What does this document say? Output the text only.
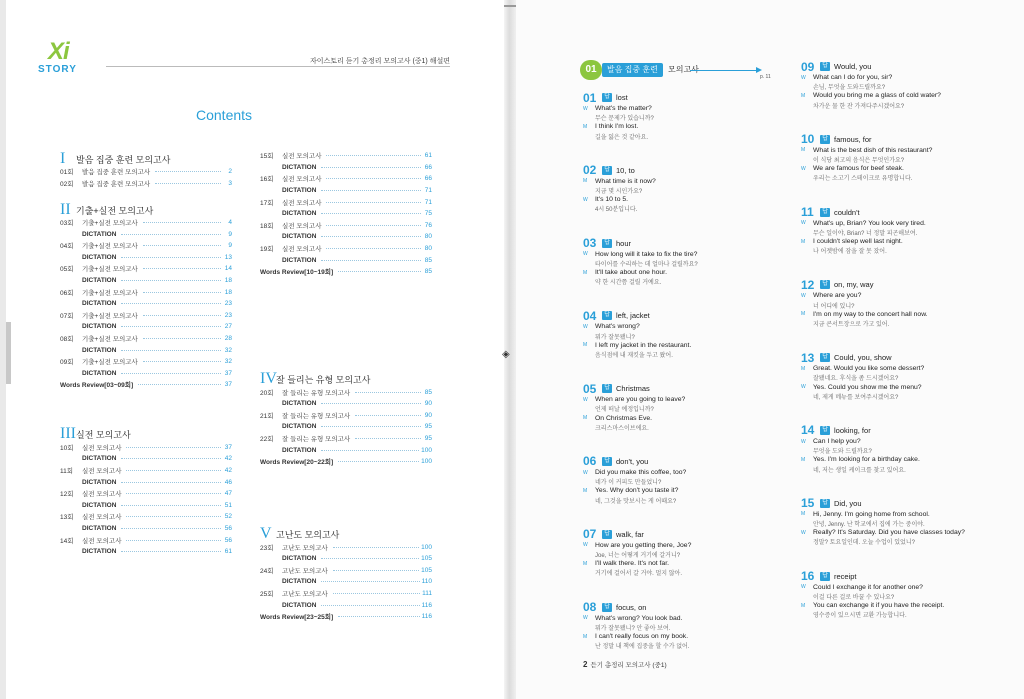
Xi
STORY
자이스토리 듣기 총정리 모의고사 (중1) 해설편
Contents
I	발음 집중 훈련 모의고사
01회	발음 집중 훈련 모의고사	2
02회	발음 집중 훈련 모의고사	3
II 기출+실전 모의고사
03회	기출+실전 모의고사	4
DICTATION	9
04회	기출+실전 모의고사	9
DICTATION	13
05회	기출+실전 모의고사	14
DICTATION	18
06회	기출+실전 모의고사	18
DICTATION	23
07회	기출+실전 모의고사	23
DICTATION	27
08회	기출+실전 모의고사	28
DICTATION	32
09회	기출+실전 모의고사	32
DICTATION	37
Words Review[03~09회]	37
III 실전 모의고사
10회	실전 모의고사	37
DICTATION	42
11회	실전 모의고사	42
DICTATION	46
12회	실전 모의고사	47
DICTATION	51
13회	실전 모의고사	52
DICTATION	56
14회	실전 모의고사	56
DICTATION	61
15회	실전 모의고사	61
DICTATION	66
16회	실전 모의고사	66
DICTATION	71
17회	실전 모의고사	71
DICTATION	75
18회	실전 모의고사	76
DICTATION	80
19회	실전 모의고사	80
DICTATION	85
Words Review[10~19회]	85
IV 잘 들리는 유형 모의고사
20회	잘 들리는 유형 모의고사	85
DICTATION	90
21회	잘 들리는 유형 모의고사	90
DICTATION	95
22회	잘 들리는 유형 모의고사	95
DICTATION	100
Words Review[20~22회]	100
V 고난도 모의고사
23회	고난도 모의고사	100
DICTATION	105
24회	고난도 모의고사	105
DICTATION	110
25회	고난도 모의고사	111
DICTATION	116
Words Review[23~25회]	116
◈
01	발음 집중 훈련	모의고사
p. 11
01	답 lost
W	What's the matter?
무슨 문제가 있습니까?
M	I think I'm lost.
길을 잃은 것 같아요.
02	답 10, to
M	What time is it now?
지금 몇 시인가요?
W	It's 10 to 5.
4시 50분입니다.
03	답 hour
W	How long will it take to fix the tire?
타이어를 수리하는 데 얼마나 걸릴까요?
M	It'll take about one hour.
약 한 시간쯤 걸릴 거예요.
04	답 left, jacket
W	What's wrong?
뭐가 잘못됐니?
M	I left my jacket in the restaurant.
음식점에 내 재킷을 두고 왔어.
05	답 Christmas
W	When are you going to leave?
언제 떠날 예정입니까?
M	On Christmas Eve.
크리스마스이브에요.
06	답 don't, you
W	Did you make this coffee, too?
네가 이 커피도 만들었니?
M	Yes. Why don't you taste it?
네, 그것을 맛보시는 게 어때요?
07	답 walk, far
W	How are you getting there, Joe?
Joe, 너는 어떻게 거기에 갈거니?
M	I'll walk there. It's not far.
거기에 걸어서 갈 거야. 멀지 않아.
08	답 focus, on
W	What's wrong? You look bad.
뭐가 잘못됐니? 안 좋아 보여.
M	I can't really focus on my book.
난 정말 내 책에 집중을 할 수가 없어.
09	답 Would, you
W	What can I do for you, sir?
손님, 무엇을 도와드릴까요?
M	Would you bring me a glass of cold water?
차가운 물 한 잔 가져다주시겠어요?
10	답 famous, for
M	What is the best dish of this restaurant?
이 식당 최고의 음식은 무엇인가요?
W	We are famous for beef steak.
우리는 소고기 스테이크로 유명합니다.
11	답 couldn't
W	What's up, Brian? You look very tired.
무슨 일이야, Brian? 너 정말 피곤해보여.
M	I couldn't sleep well last night.
나 어젯밤에 잠을 잘 못 잤어.
12	답 on, my, way
W	Where are you?
너 어디에 있니?
M	I'm on my way to the concert hall now.
지금 콘서트장으로 가고 있어.
13	답 Could, you, show
M	Great. Would you like some dessert?
잘됐네요. 후식을 좀 드시겠어요?
W	Yes. Could you show me the menu?
네, 제게 메뉴를 보여주시겠어요?
14	답 looking, for
W	Can I help you?
무엇을 도와 드릴까요?
M	Yes. I'm looking for a birthday cake.
네, 저는 생일 케이크를 찾고 있어요.
15	답 Did, you
M	Hi, Jenny. I'm going home from school.
안녕, Jenny. 난 학교에서 집에 가는 중이야.
W	Really? It's Saturday. Did you have classes today?
정말? 토요일인데. 오늘 수업이 있었니?
16	답 receipt
W	Could I exchange it for another one?
이걸 다른 걸로 바꿀 수 있나요?
M	You can exchange it if you have the receipt.
영수증이 있으시면 교환 가능합니다.
2 듣기 총정리 모의고사 (중1)
